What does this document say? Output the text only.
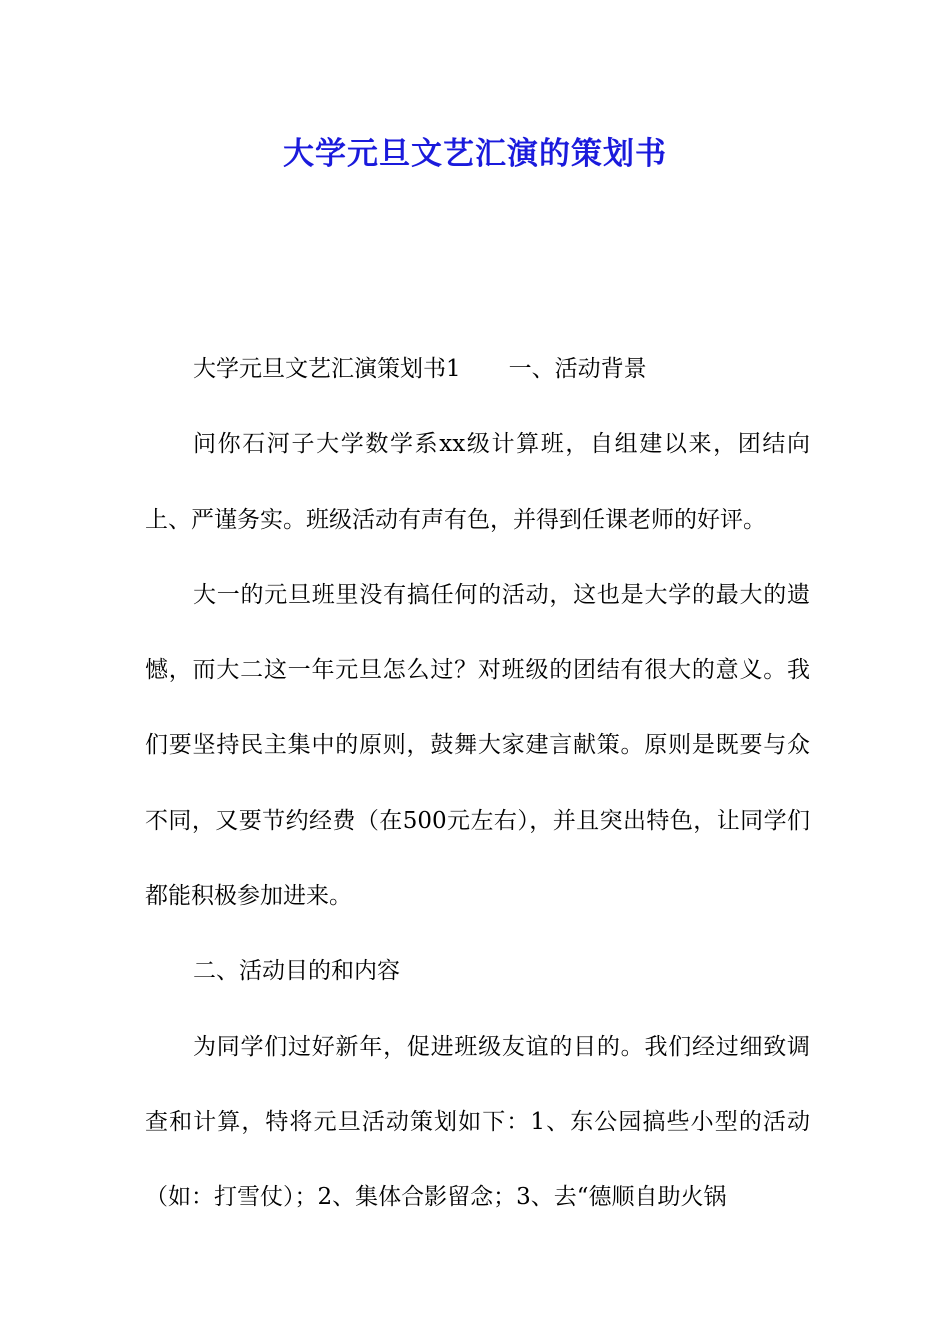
大学元旦文艺汇演的策划书

大学元旦文艺汇演策划书1 一、活动背景

问你石河子大学数学系xx级计算班，自组建以来，团结向上、严谨务实。班级活动有声有色，并得到任课老师的好评。

大一的元旦班里没有搞任何的活动，这也是大学的最大的遗憾，而大二这一年元旦怎么过？对班级的团结有很大的意义。我们要坚持民主集中的原则，鼓舞大家建言献策。原则是既要与众不同，又要节约经费（在500元左右），并且突出特色，让同学们都能积极参加进来。

二、活动目的和内容

为同学们过好新年，促进班级友谊的目的。我们经过细致调查和计算，特将元旦活动策划如下：1、东公园搞些小型的活动（如：打雪仗）；2、集体合影留念；3、去“德顺自助火锅
